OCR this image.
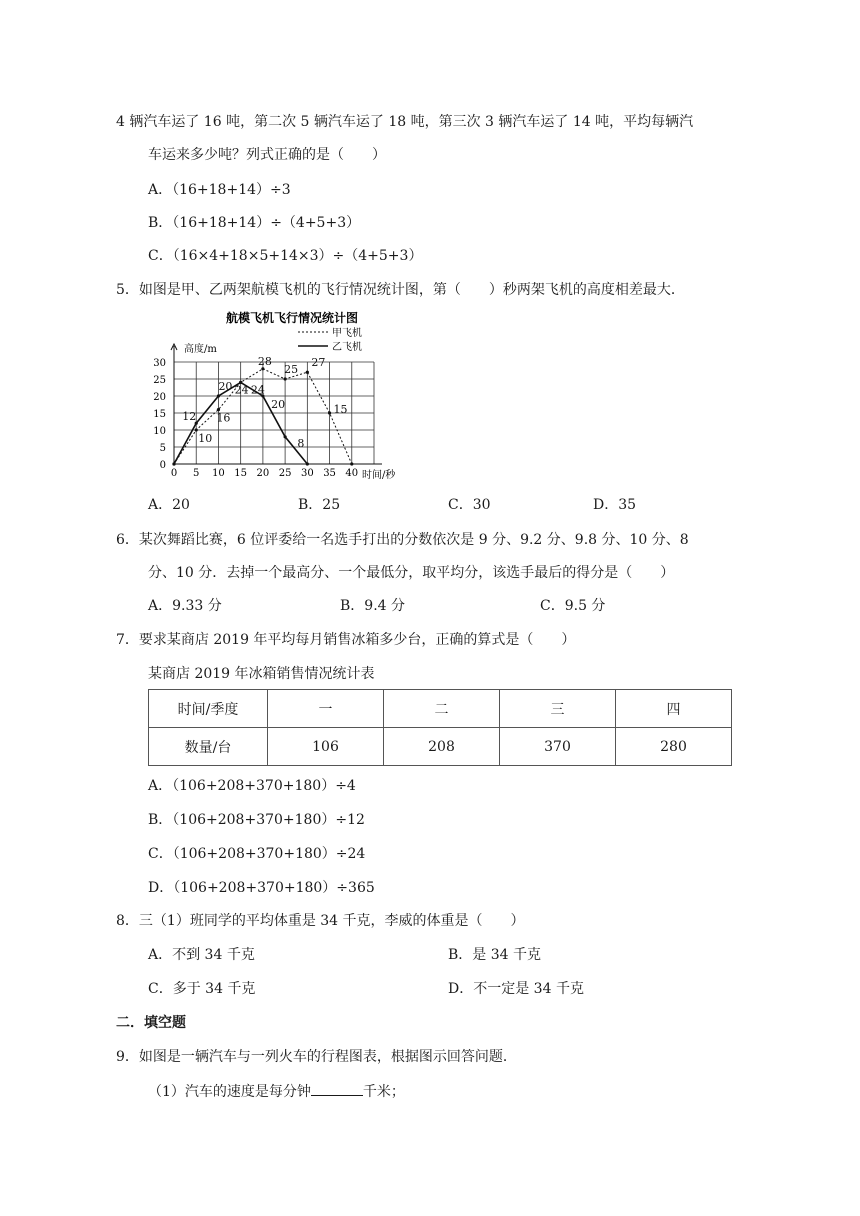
4 辆汽车运了 16 吨，第二次 5 辆汽车运了 18 吨，第三次 3 辆汽车运了 14 吨，平均每辆汽
车运来多少吨？列式正确的是（　　）
A．（16+18+14）÷3
B．（16+18+14）÷（4+5+3）
C．（16×4+18×5+14×3）÷（4+5+3）
5．如图是甲、乙两架航模飞机的飞行情况统计图，第（　　）秒两架飞机的高度相差最大．
航模飞机飞行情况统计图
高度/m
时间/秒
甲飞机
乙飞机
12
10
20
16
24 24
28
20
25
27
8
15
0 5 10 15 20 25 30 35 40
0
5
10
15
20
25
30
A．20	B．25	C．30	D．35
6．某次舞蹈比赛，6 位评委给一名选手打出的分数依次是 9 分、9.2 分、9.8 分、10 分、8
分、10 分．去掉一个最高分、一个最低分，取平均分，该选手最后的得分是（　　）
A．9.33 分	B．9.4 分	C．9.5 分
7．要求某商店 2019 年平均每月销售冰箱多少台，正确的算式是（　　）
某商店 2019 年冰箱销售情况统计表
时间/季度	一	二	三	四
数量/台	106	208	370	280
A．（106+208+370+180）÷4
B．（106+208+370+180）÷12
C．（106+208+370+180）÷24
D．（106+208+370+180）÷365
8．三（1）班同学的平均体重是 34 千克，李威的体重是（　　）
A．不到 34 千克	B．是 34 千克
C．多于 34 千克	D．不一定是 34 千克
二．填空题
9．如图是一辆汽车与一列火车的行程图表，根据图示回答问题．
（1）汽车的速度是每分钟	千米；
